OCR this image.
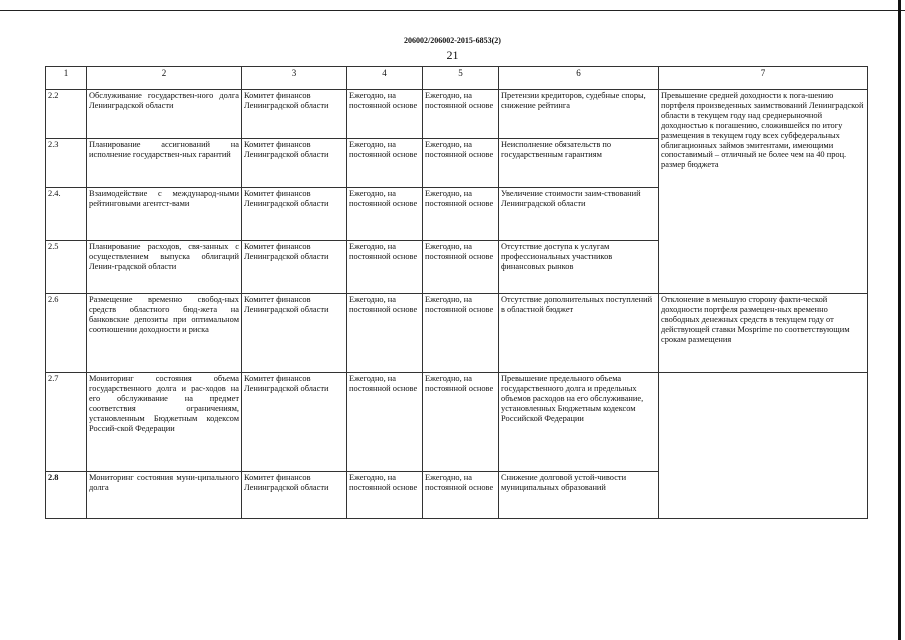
206002/206002-2015-6853(2)
21
1	2	3	4	5	6	7
2.2	Обслуживание государствен-ного долга Ленинградской области	Комитет финансов Ленинградской области	Ежегодно, на постоянной основе	Ежегодно, на постоянной основе	Претензии кредиторов, судебные споры, снижение рейтинга	Превышение средней доходности к пога-шению портфеля произведенных заимствований Ленинградской области в текущем году над среднерыночной доходностью к погашению, сложившейся по итогу размещения в текущем году всех субфедеральных облигационных займов эмитентами, имеющими сопоставимый – отличный не более чем на 40 проц. размер бюджета
2.3	Планирование ассигнований на исполнение государствен-ных гарантий	Комитет финансов Ленинградской области	Ежегодно, на постоянной основе	Ежегодно, на постоянной основе	Неисполнение обязательств по государственным гарантиям	
2.4.	Взаимодействие с международ-ными рейтинговыми агентст-вами	Комитет финансов Ленинградской области	Ежегодно, на постоянной основе	Ежегодно, на постоянной основе	Увеличение стоимости заим-ствований Ленинградской области	
2.5	Планирование расходов, свя-занных с осуществлением выпуска облигаций Ленин-градской области	Комитет финансов Ленинградской области	Ежегодно, на постоянной основе	Ежегодно, на постоянной основе	Отсутствие доступа к услугам профессиональных участников финансовых рынков	
2.6	Размещение временно свобод-ных средств областного бюд-жета на банковские депозиты при оптимальном соотношении доходности и риска	Комитет финансов Ленинградской области	Ежегодно, на постоянной основе	Ежегодно, на постоянной основе	Отсутствие дополнительных поступлений в областной бюджет	Отклонение в меньшую сторону факти-ческой доходности портфеля размещен-ных временно свободных денежных средств в текущем году от действующей ставки Mosprime по соответствующим срокам размещения
2.7	Мониторинг состояния объема государственного долга и рас-ходов на его обслуживание на предмет соответствия ограничениям, установленным Бюджетным кодексом Россий-ской Федерации	Комитет финансов Ленинградской области	Ежегодно, на постоянной основе	Ежегодно, на постоянной основе	Превышение предельного объема государственного долга и предельных объемов расходов на его обслуживание, установленных Бюджетным кодексом Российской Федерации	
2.8	Мониторинг состояния муни-ципального долга	Комитет финансов Ленинградской области	Ежегодно, на постоянной основе	Ежегодно, на постоянной основе	Снижение долговой устой-чивости муниципальных образований	
